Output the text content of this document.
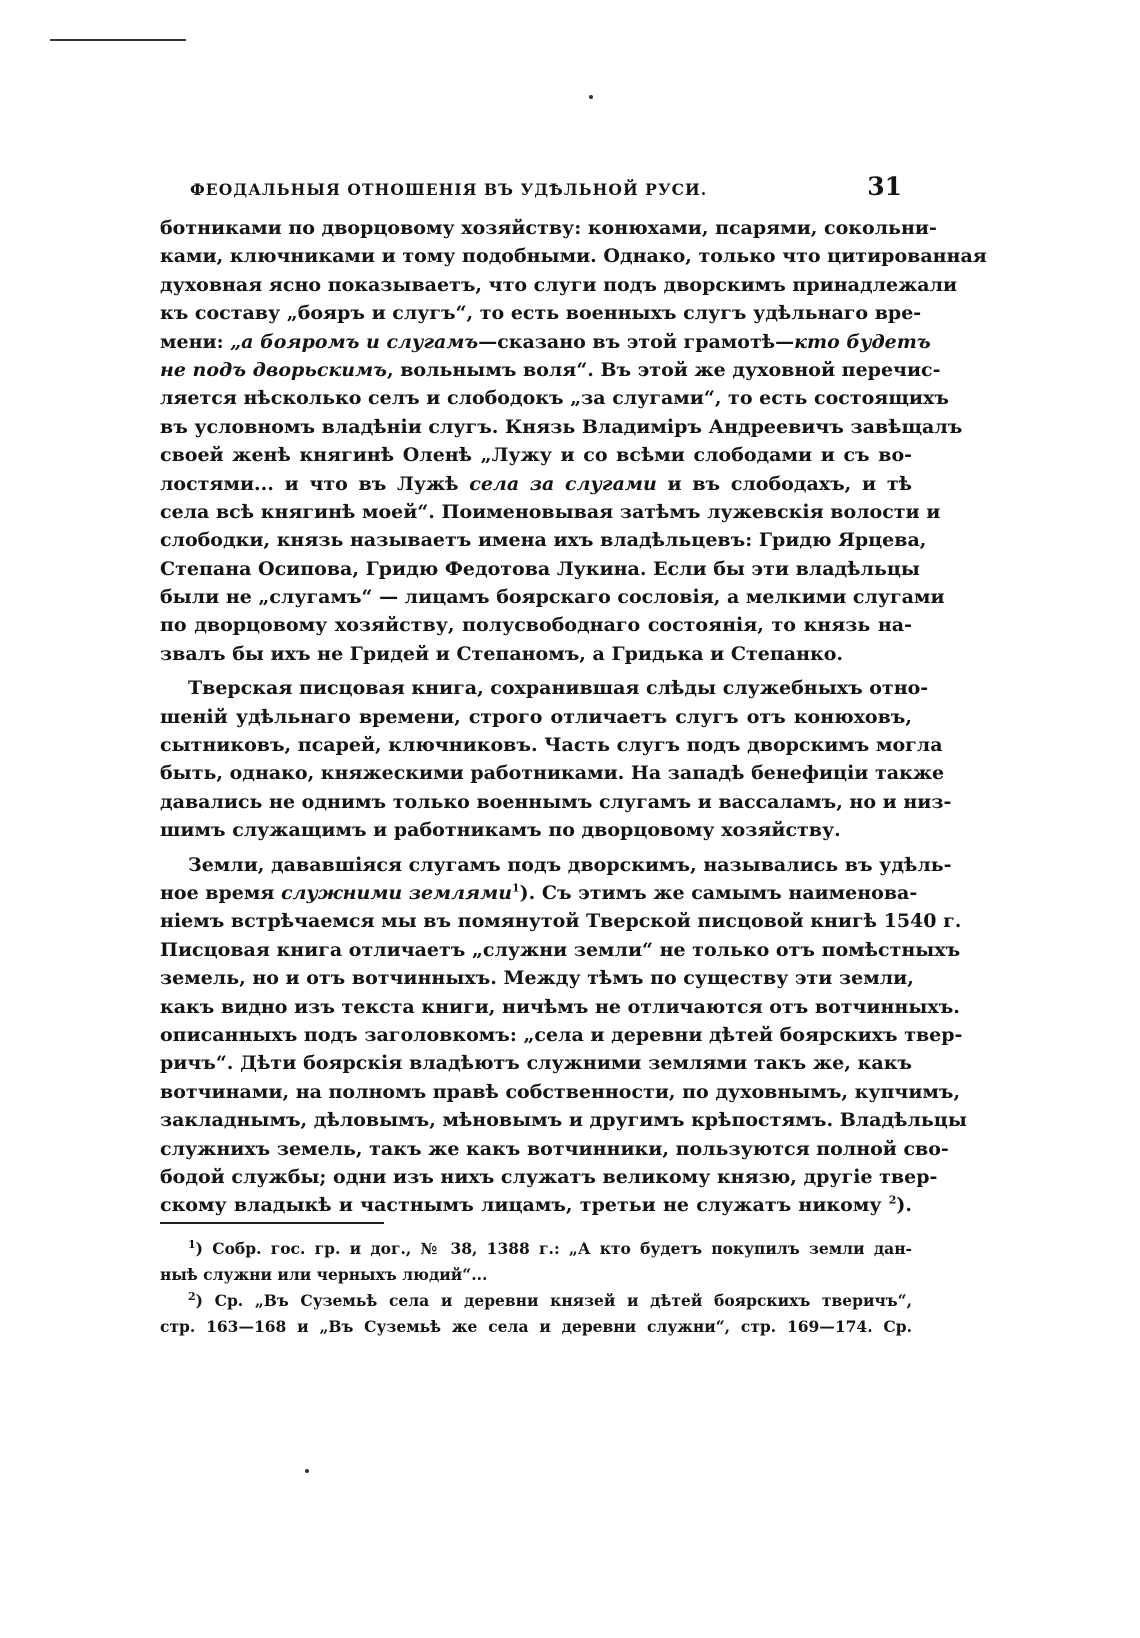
ФЕОДАЛЬНЫЯ ОТНОШЕНІЯ ВЪ УДѢЛЬНОЙ РУСИ.	31
ботниками по дворцовому хозяйству: конюхами, псарями, сокольни-
ками, ключниками и тому подобными. Однако, только что цитированная
духовная ясно показываетъ, что слуги подъ дворскимъ принадлежали
къ составу „бояръ и слугъ“, то есть военныхъ слугъ удѣльнаго вре-
мени: „а бояромъ и слугамъ—сказано въ этой грамотѣ—кто будетъ
не подъ дворьскимъ, вольнымъ воля“. Въ этой же духовной перечис-
ляется нѣсколько селъ и слободокъ „за слугами“, то есть состоящихъ
въ условномъ владѣніи слугъ. Князь Владиміръ Андреевичъ завѣщалъ
своей женѣ княгинѣ Оленѣ „Лужу и со всѣми слободами и съ во-
лостями... и что въ Лужѣ села за слугами и въ слободахъ, и тѣ
села всѣ княгинѣ моей“. Поименовывая затѣмъ лужевскія волости и
слободки, князь называетъ имена ихъ владѣльцевъ: Гридю Ярцева,
Степана Осипова, Гридю Федотова Лукина. Если бы эти владѣльцы
были не „слугамъ“ — лицамъ боярскаго сословія, а мелкими слугами
по дворцовому хозяйству, полусвободнаго состоянія, то князь на-
звалъ бы ихъ не Гридей и Степаномъ, а Гридька и Степанко.
Тверская писцовая книга, сохранившая слѣды служебныхъ отно-
шеній удѣльнаго времени, строго отличаетъ слугъ отъ конюховъ,
сытниковъ, псарей, ключниковъ. Часть слугъ подъ дворскимъ могла
быть, однако, княжескими работниками. На западѣ бенефиціи также
давались не однимъ только военнымъ слугамъ и вассаламъ, но и низ-
шимъ служащимъ и работникамъ по дворцовому хозяйству.
Земли, дававшіяся слугамъ подъ дворскимъ, назывались въ удѣль-
ное время служними землями$^1$). Съ этимъ же самымъ наименова-
ніемъ встрѣчаемся мы въ помянутой Тверской писцовой книгѣ 1540 г.
Писцовая книга отличаетъ „служни земли“ не только отъ помѣстныхъ
земель, но и отъ вотчинныхъ. Между тѣмъ по существу эти земли,
какъ видно изъ текста книги, ничѣмъ не отличаются отъ вотчинныхъ.
описанныхъ подъ заголовкомъ: „села и деревни дѣтей боярскихъ твер-
ричъ“. Дѣти боярскія владѣютъ служними землями такъ же, какъ
вотчинами, на полномъ правѣ собственности, по духовнымъ, купчимъ,
закладнымъ, дѣловымъ, мѣновымъ и другимъ крѣпостямъ. Владѣльцы
служнихъ земель, такъ же какъ вотчинники, пользуются полной сво-
бодой службы; одни изъ нихъ служатъ великому князю, другіе твер-
скому владыкѣ и частнымъ лицамъ, третьи не служатъ никому $^2$).
$^1$) Собр. гос. гр. и дог., № 38, 1388 г.: „А кто будетъ покупилъ земли дан-
ныѣ служни или черныхъ людий“...
$^2$) Ср. „Въ Суземьѣ села и деревни князей и дѣтей боярскихъ тверичъ“,
стр. 163—168 и „Въ Суземьѣ же села и деревни служни“, стр. 169—174. Ср.
